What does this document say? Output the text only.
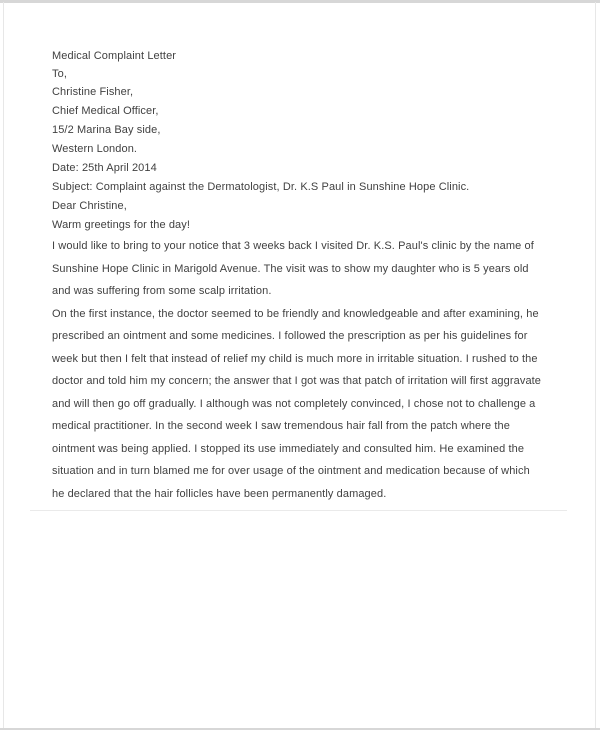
Medical Complaint Letter

To,

Christine Fisher,

Chief Medical Officer,

15/2 Marina Bay side,

Western London.

Date: 25th April 2014

Subject: Complaint against the Dermatologist, Dr. K.S Paul in Sunshine Hope Clinic.

Dear Christine,

Warm greetings for the day!

I would like to bring to your notice that 3 weeks back I visited Dr. K.S. Paul's clinic by the name of Sunshine Hope Clinic in Marigold Avenue. The visit was to show my daughter who is 5 years old and was suffering from some scalp irritation.

On the first instance, the doctor seemed to be friendly and knowledgeable and after examining, he prescribed an ointment and some medicines. I followed the prescription as per his guidelines for week but then I felt that instead of relief my child is much more in irritable situation. I rushed to the doctor and told him my concern; the answer that I got was that patch of irritation will first aggravate and will then go off gradually. I although was not completely convinced, I chose not to challenge a medical practitioner. In the second week I saw tremendous hair fall from the patch where the ointment was being applied. I stopped its use immediately and consulted him. He examined the situation and in turn blamed me for over usage of the ointment and medication because of which he declared that the hair follicles have been permanently damaged.
